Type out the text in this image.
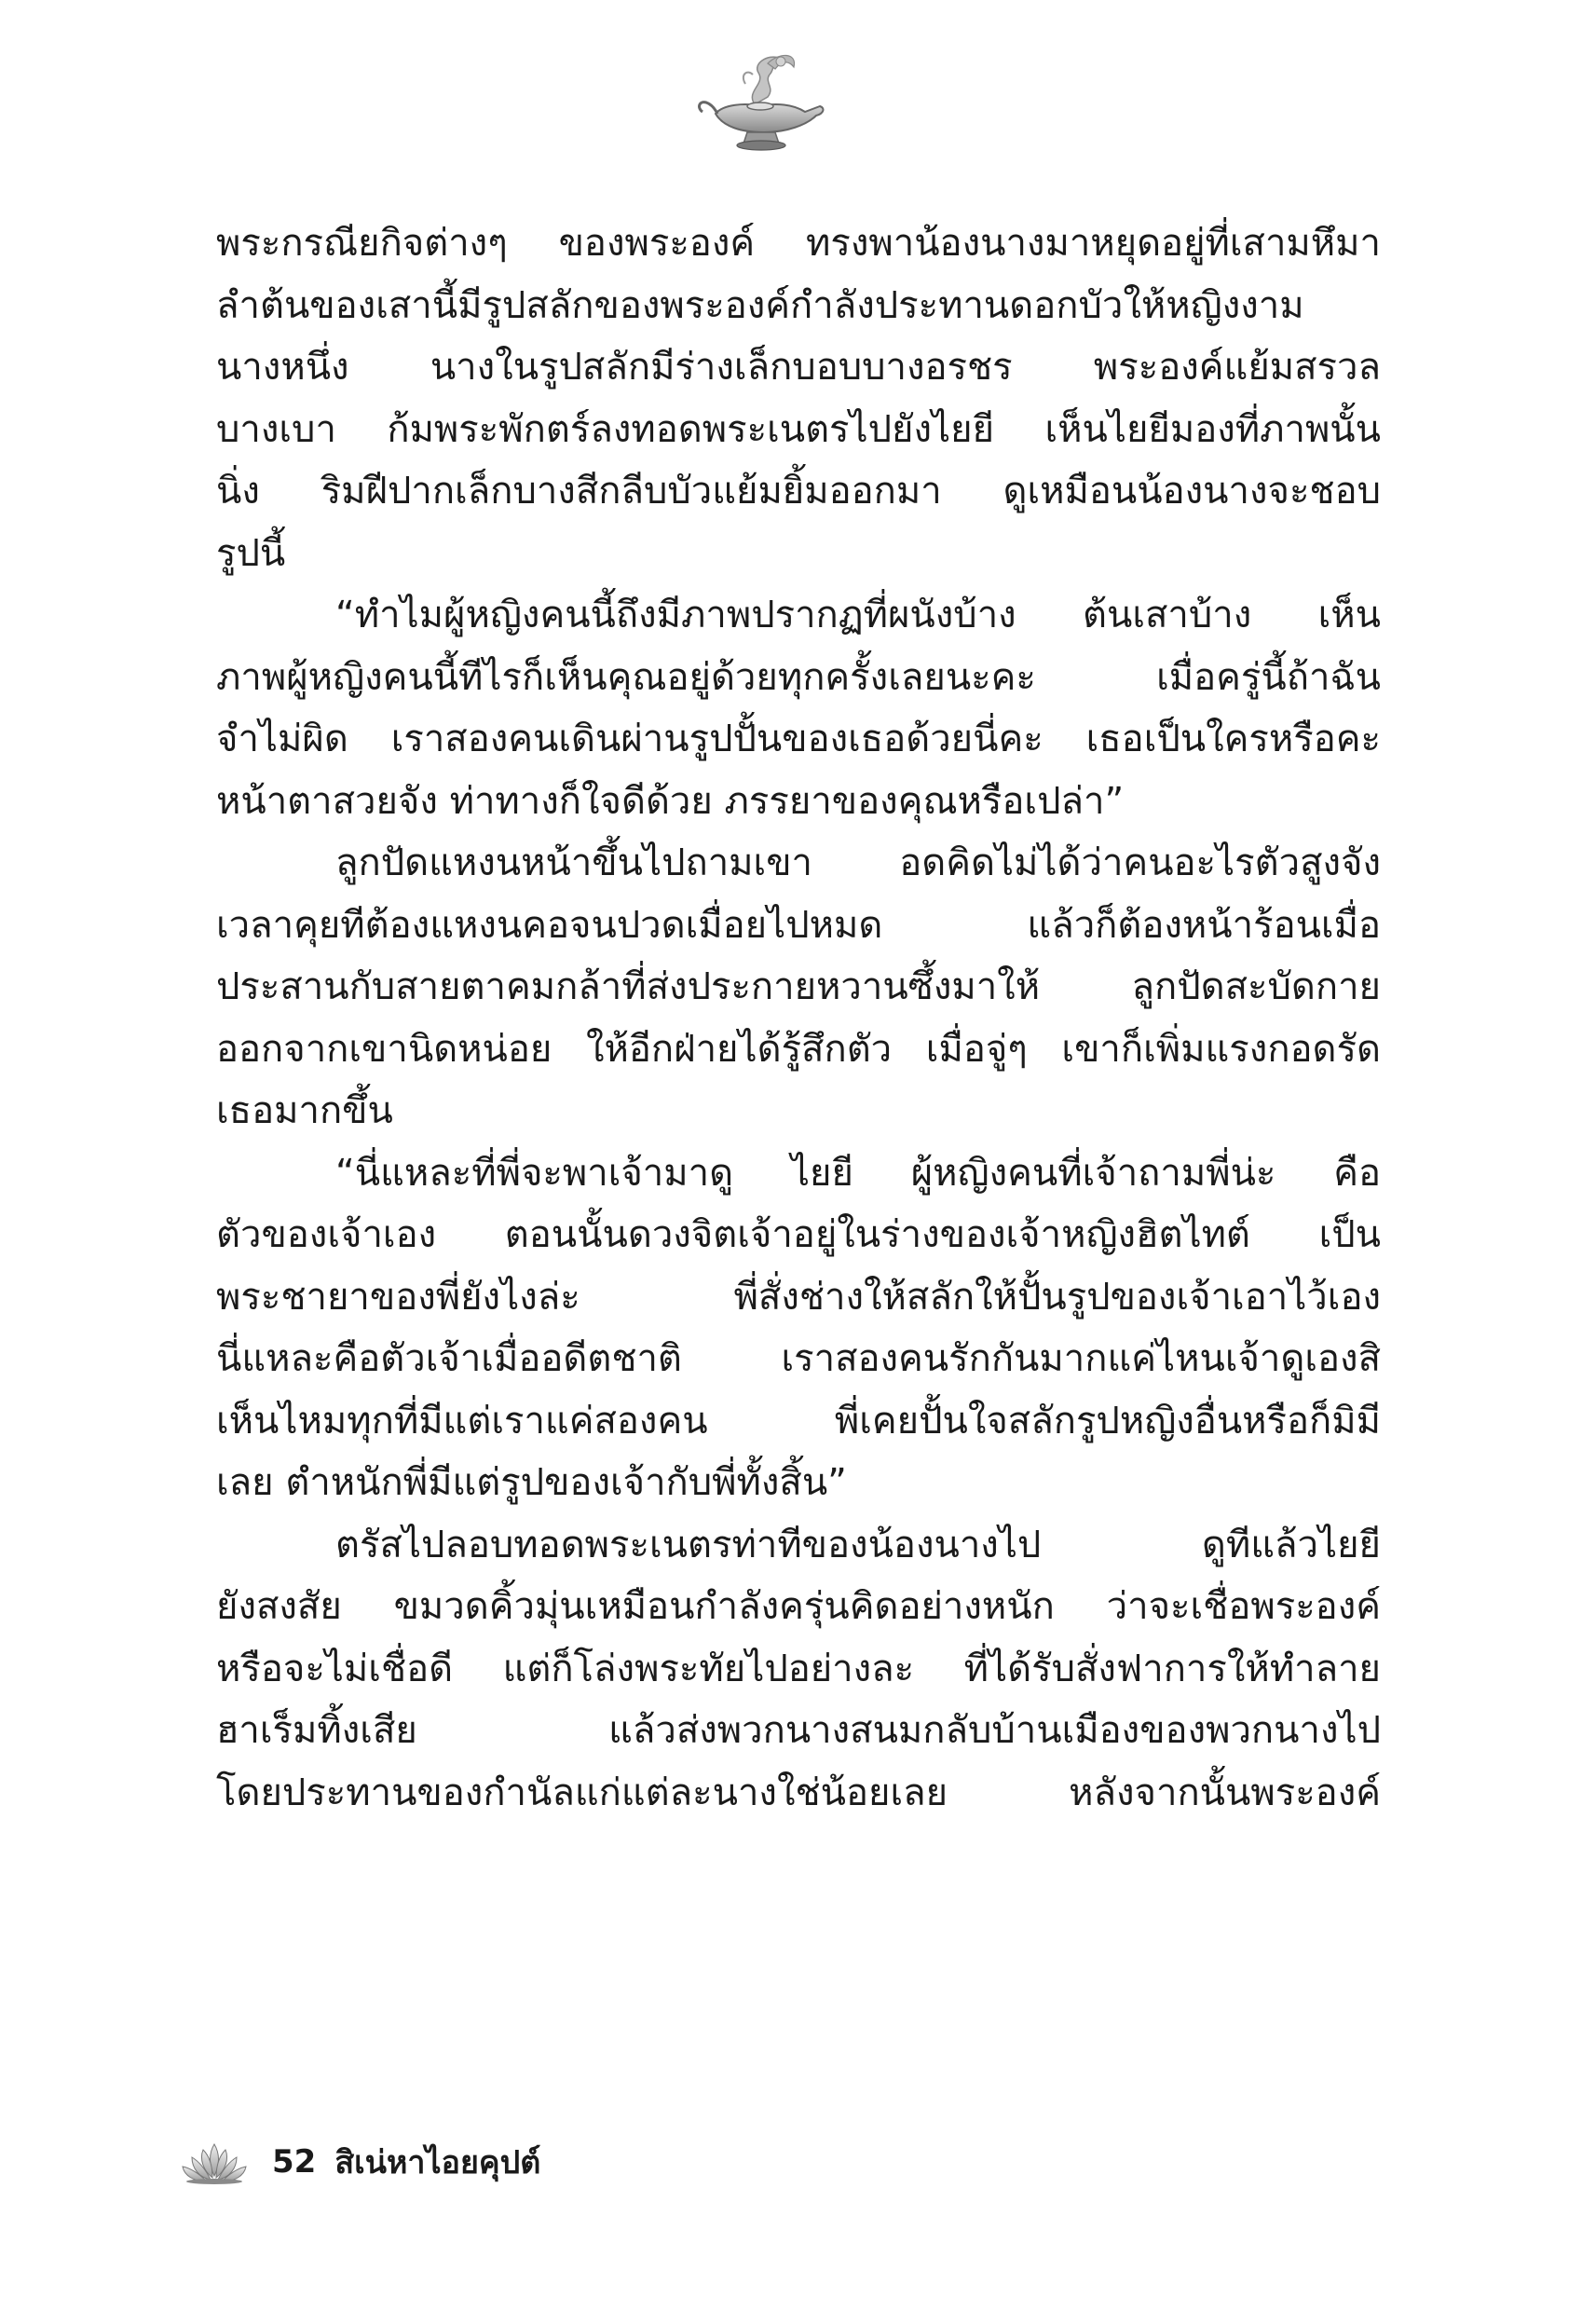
พระกรณียกิจต่างๆ ของพระองค์ ทรงพาน้องนางมาหยุดอยู่ที่เสามหึมา
ลำต้นของเสานี้มีรูปสลักของพระองค์กำลังประทานดอกบัวให้หญิงงาม
นางหนึ่ง นางในรูปสลักมีร่างเล็กบอบบางอรชร พระองค์แย้มสรวล
บางเบา ก้มพระพักตร์ลงทอดพระเนตรไปยังไยยี เห็นไยยีมองที่ภาพนั้น
นิ่ง ริมฝีปากเล็กบางสีกลีบบัวแย้มยิ้มออกมา ดูเหมือนน้องนางจะชอบ
รูปนี้
“ทำไมผู้หญิงคนนี้ถึงมีภาพปรากฏที่ผนังบ้าง ต้นเสาบ้าง เห็น
ภาพผู้หญิงคนนี้ทีไรก็เห็นคุณอยู่ด้วยทุกครั้งเลยนะคะ เมื่อครู่นี้ถ้าฉัน
จำไม่ผิด เราสองคนเดินผ่านรูปปั้นของเธอด้วยนี่คะ เธอเป็นใครหรือคะ
หน้าตาสวยจัง ท่าทางก็ใจดีด้วย ภรรยาของคุณหรือเปล่า”
ลูกปัดแหงนหน้าขึ้นไปถามเขา อดคิดไม่ได้ว่าคนอะไรตัวสูงจัง
เวลาคุยทีต้องแหงนคอจนปวดเมื่อยไปหมด แล้วก็ต้องหน้าร้อนเมื่อ
ประสานกับสายตาคมกล้าที่ส่งประกายหวานซึ้งมาให้ ลูกปัดสะบัดกาย
ออกจากเขานิดหน่อย ให้อีกฝ่ายได้รู้สึกตัว เมื่อจู่ๆ เขาก็เพิ่มแรงกอดรัด
เธอมากขึ้น
“นี่แหละที่พี่จะพาเจ้ามาดู ไยยี ผู้หญิงคนที่เจ้าถามพี่น่ะ คือ
ตัวของเจ้าเอง ตอนนั้นดวงจิตเจ้าอยู่ในร่างของเจ้าหญิงฮิตไทต์ เป็น
พระชายาของพี่ยังไงล่ะ พี่สั่งช่างให้สลักให้ปั้นรูปของเจ้าเอาไว้เอง
นี่แหละคือตัวเจ้าเมื่ออดีตชาติ เราสองคนรักกันมากแค่ไหนเจ้าดูเองสิ
เห็นไหมทุกที่มีแต่เราแค่สองคน พี่เคยปั้นใจสลักรูปหญิงอื่นหรือก็มิมี
เลย ตำหนักพี่มีแต่รูปของเจ้ากับพี่ทั้งสิ้น”
ตรัสไปลอบทอดพระเนตรท่าทีของน้องนางไป ดูทีแล้วไยยี
ยังสงสัย ขมวดคิ้วมุ่นเหมือนกำลังครุ่นคิดอย่างหนัก ว่าจะเชื่อพระองค์
หรือจะไม่เชื่อดี แต่ก็โล่งพระทัยไปอย่างละ ที่ได้รับสั่งฟาการให้ทำลาย
ฮาเร็มทิ้งเสีย แล้วส่งพวกนางสนมกลับบ้านเมืองของพวกนางไป
โดยประทานของกำนัลแก่แต่ละนางใช่น้อยเลย หลังจากนั้นพระองค์
52 สิเน่หาไอยคุปต์
